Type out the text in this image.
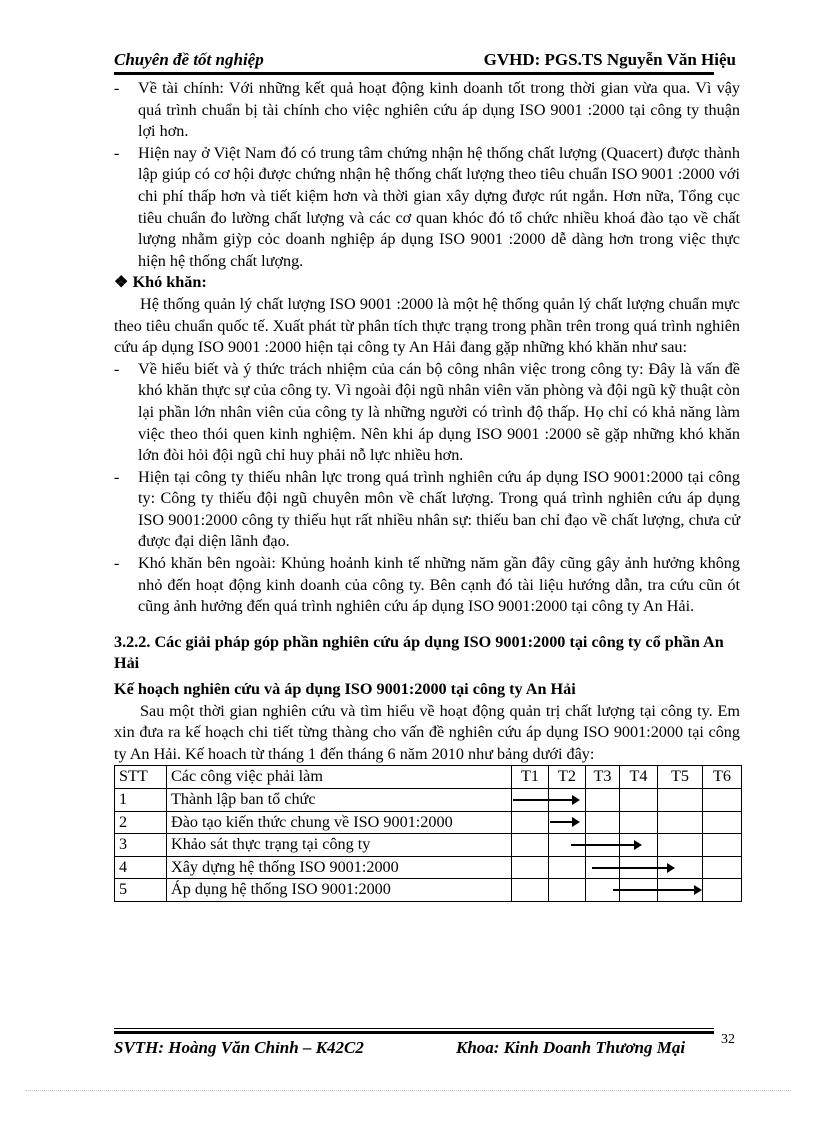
Chuyên đề tốt nghiệp	GVHD: PGS.TS Nguyễn Văn Hiệu
- Về tài chính: Với những kết quả hoạt động kinh doanh tốt trong thời gian vừa qua. Vì vậy quá trình chuẩn bị tài chính cho việc nghiên cứu áp dụng ISO 9001 :2000 tại công ty thuận lợi hơn.
- Hiện nay ở Việt Nam đó có trung tâm chứng nhận hệ thống chất lượng (Quacert) được thành lập giúp có cơ hội được chứng nhận hệ thống chất lượng theo tiêu chuẩn ISO 9001 :2000 với chi phí thấp hơn và tiết kiệm hơn và thời gian xây dựng được rút ngắn. Hơn nữa, Tổng cục tiêu chuẩn đo lường chất lượng và các cơ quan khóc đó tổ chức nhiều khoá đào tạo về chất lượng nhằm giỳp cỏc doanh nghiệp áp dụng ISO 9001 :2000 dễ dàng hơn trong việc thực hiện hệ thống chất lượng.

❖ Khó khăn:

Hệ thống quản lý chất lượng ISO 9001 :2000 là một hệ thống quản lý chất lượng chuẩn mực theo tiêu chuẩn quốc tế. Xuất phát từ phân tích thực trạng trong phần trên trong quá trình nghiên cứu áp dụng ISO 9001 :2000 hiện tại công ty An Hải đang gặp những khó khăn như sau:

- Về hiểu biết và ý thức trách nhiệm của cán bộ công nhân việc trong công ty: Đây là vấn đề khó khăn thực sự của công ty. Vì ngoài đội ngũ nhân viên văn phòng và đội ngũ kỹ thuật còn lại phần lớn nhân viên của công ty là những người có trình độ thấp. Họ chỉ có khả năng làm việc theo thói quen kinh nghiệm. Nên khi áp dụng ISO 9001 :2000 sẽ gặp những khó khăn lớn đòi hỏi đội ngũ chỉ huy phải nỗ lực nhiều hơn.
- Hiện tại công ty thiếu nhân lực trong quá trình nghiên cứu áp dụng ISO 9001:2000 tại công ty: Công ty thiếu đội ngũ chuyên môn về chất lượng. Trong quá trình nghiên cứu áp dụng ISO 9001:2000 công ty thiếu hụt rất nhiều nhân sự: thiếu ban chỉ đạo về chất lượng, chưa cử được đại diện lãnh đạo.
- Khó khăn bên ngoài: Khủng hoảnh kinh tế những năm gần đây cũng gây ảnh hưởng không nhỏ đến hoạt động kinh doanh của công ty. Bên cạnh đó tài liệu hướng dẫn, tra cứu cũn ót cũng ảnh hưởng đến quá trình nghiên cứu áp dụng ISO 9001:2000 tại công ty An Hải.

3.2.2. Các giải pháp góp phần nghiên cứu áp dụng ISO 9001:2000 tại công ty cổ phần An Hải

Kế hoạch nghiên cứu và áp dụng ISO 9001:2000 tại công ty An Hải

Sau một thời gian nghiên cứu và tìm hiểu về hoạt động quản trị chất lượng tại công ty. Em xin đưa ra kế hoạch chi tiết từng thàng cho vấn đề nghiên cứu áp dụng ISO 9001:2000 tại công ty An Hải. Kế hoach từ tháng 1 đến tháng 6 năm 2010 như bảng dưới đây:

STT	Các công việc phải làm	T1	T2	T3	T4	T5	T6
1	Thành lập ban tổ chức						
2	Đào tạo kiến thức chung về ISO 9001:2000						
3	Khảo sát thực trạng tại công ty						
4	Xây dựng hệ thống ISO 9001:2000						
5	Áp dụng hệ thống ISO 9001:2000						
SVTH: Hoàng Văn Chỉnh – K42C2	Khoa: Kinh Doanh Thương Mại	32
